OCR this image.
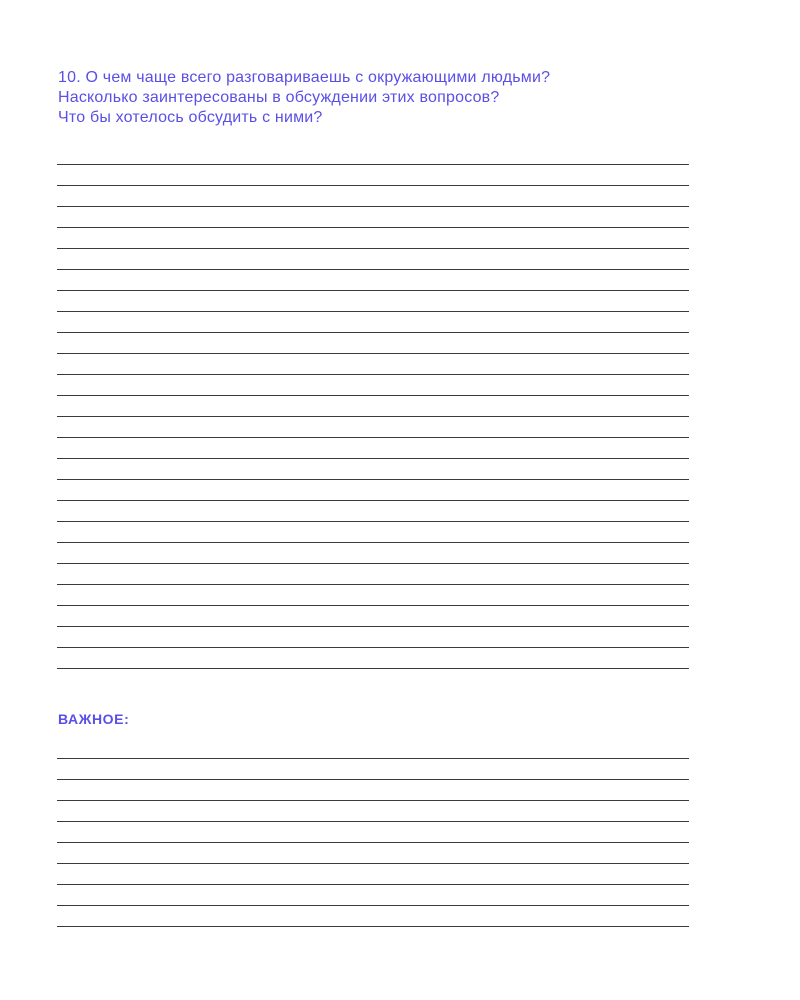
10. О чем чаще всего разговариваешь с окружающими людьми?
Насколько заинтересованы в обсуждении этих вопросов?
Что бы хотелось обсудить с ними?
ВАЖНОЕ:
